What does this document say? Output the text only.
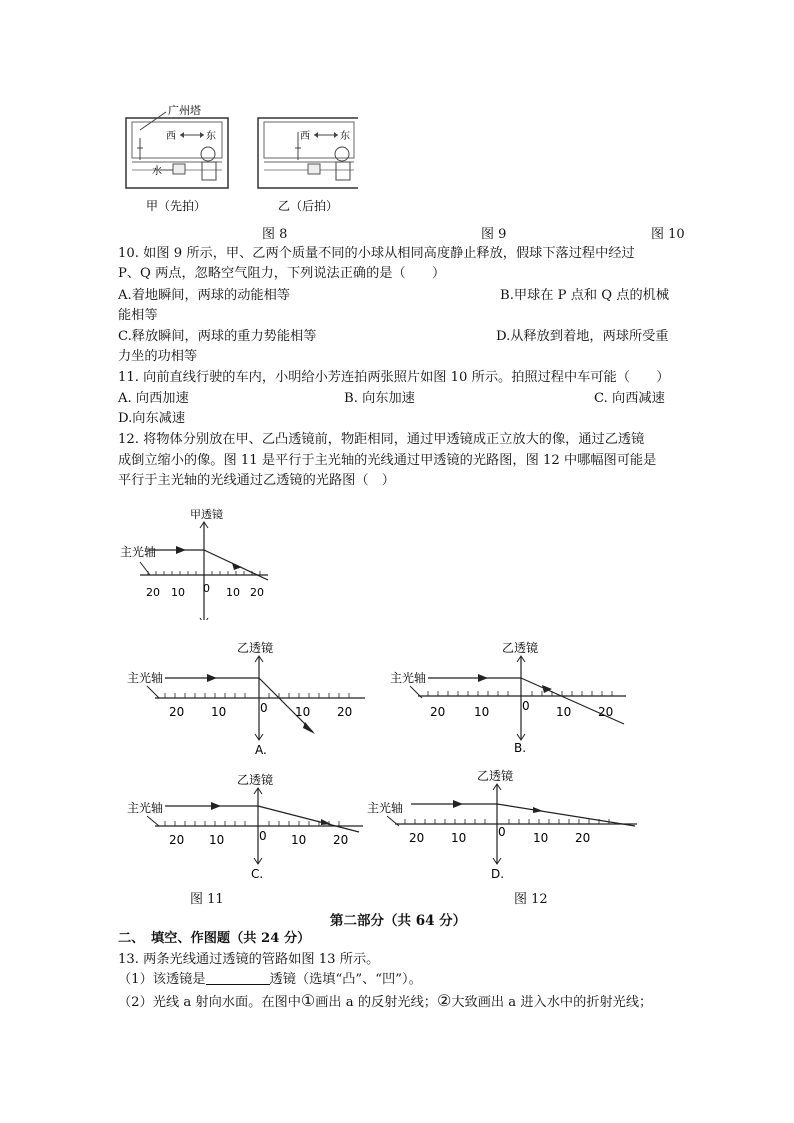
广州塔
西	东
水
甲（先拍）
西	东
乙（后拍）
图 8	图 9	图 10
10. 如图 9 所示，甲、乙两个质量不同的小球从相同高度静止释放，假球下落过程中经过
P、Q 两点，忽略空气阻力，下列说法正确的是（　　）
A.着地瞬间，两球的动能相等	B.甲球在 P 点和 Q 点的机械
能相等
C.释放瞬间，两球的重力势能相等	D.从释放到着地，两球所受重
力坐的功相等
11. 向前直线行驶的车内，小明给小芳连拍两张照片如图 10 所示。拍照过程中车可能（　　）
A. 向西加速	B. 向东加速	C. 向西减速
D.向东减速
12. 将物体分别放在甲、乙凸透镜前，物距相同，通过甲透镜成正立放大的像，通过乙透镜
成倒立缩小的像。图 11 是平行于主光轴的光线通过甲透镜的光路图，图 12 中哪幅图可能是
平行于主光轴的光线通过乙透镜的光路图（　）
甲透镜
主光轴
20 10 0 10 20
乙透镜
主光轴
20 10	0 10 20
A.
乙透镜
主光轴
20 10	0 10 20
B.
乙透镜
主光轴
20 10	0 10 20
C.
乙透镜
主光轴
20 10	0 10 20
D.
图 11	图 12
第二部分（共 64 分）
二、　填空、作图题（共 24 分）
13. 两条光线通过透镜的管路如图 13 所示。
（1）该透镜是	透镜（选填“凸”、“凹”）。
（2）光线 a 射向水面。在图中①画出 a 的反射光线；②大致画出 a 进入水中的折射光线；
